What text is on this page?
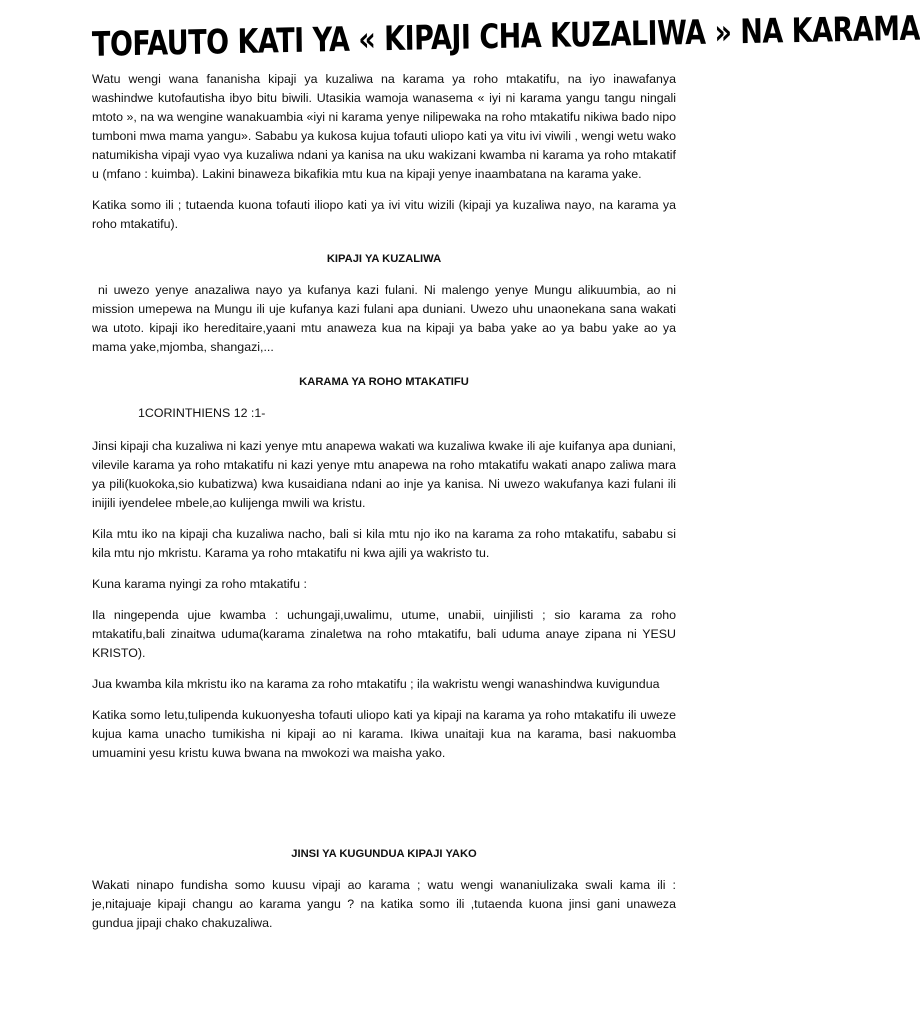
TOFAUTO KATI YA « KIPAJI CHA KUZALIWA » NA KARAMA

Watu wengi wana fananisha kipaji ya kuzaliwa na karama ya roho mtakatifu, na iyo inawafanya washindwe kutofautisha ibyo bitu biwili. Utasikia wamoja wanasema « iyi ni karama yangu tangu ningali mtoto », na wa wengine wanakuambia «iyi ni karama yenye nilipewaka na roho mtakatifu nikiwa bado nipo tumboni mwa mama yangu». Sababu ya kukosa kujua tofauti uliopo kati ya vitu ivi viwili , wengi wetu wako natumikisha vipaji vyao vya kuzaliwa ndani ya kanisa na uku wakizani kwamba ni karama ya roho mtakatif u (mfano : kuimba). Lakini binaweza bikafikia mtu kua na kipaji yenye inaambatana na karama yake.

Katika somo ili ; tutaenda kuona tofauti iliopo kati ya ivi vitu wizili (kipaji ya kuzaliwa nayo, na karama ya roho mtakatifu).

KIPAJI YA KUZALIWA

ni uwezo yenye anazaliwa nayo ya kufanya kazi fulani. Ni malengo yenye Mungu alikuumbia, ao ni mission umepewa na Mungu ili uje kufanya kazi fulani apa duniani. Uwezo uhu unaonekana sana wakati wa utoto. kipaji iko hereditaire,yaani mtu anaweza kua na kipaji ya baba yake ao ya babu yake ao ya mama yake,mjomba, shangazi,...

KARAMA YA ROHO MTAKATIFU

1CORINTHIENS 12 :1-

Jinsi kipaji cha kuzaliwa ni kazi yenye mtu anapewa wakati wa kuzaliwa kwake ili aje kuifanya apa duniani, vilevile karama ya roho mtakatifu ni kazi yenye mtu anapewa na roho mtakatifu wakati anapo zaliwa mara ya pili(kuokoka,sio kubatizwa) kwa kusaidiana ndani ao inje ya kanisa. Ni uwezo wakufanya kazi fulani ili inijili iyendelee mbele,ao kulijenga mwili wa kristu.

Kila mtu iko na kipaji cha kuzaliwa nacho, bali si kila mtu njo iko na karama za roho mtakatifu, sababu si kila mtu njo mkristu. Karama ya roho mtakatifu ni kwa ajili ya wakristo tu.

Kuna karama nyingi za roho mtakatifu :

Ila ningependa ujue kwamba : uchungaji,uwalimu, utume, unabii, uinjilisti ; sio karama za roho mtakatifu,bali zinaitwa uduma(karama zinaletwa na roho mtakatifu, bali uduma anaye zipana ni YESU KRISTO).

Jua kwamba kila mkristu iko na karama za roho mtakatifu ; ila wakristu wengi wanashindwa kuvigundua

Katika somo letu,tulipenda kukuonyesha tofauti uliopo kati ya kipaji na karama ya roho mtakatifu ili uweze kujua kama unacho tumikisha ni kipaji ao ni karama. Ikiwa unaitaji kua na karama, basi nakuomba umuamini yesu kristu kuwa bwana na mwokozi wa maisha yako.

JINSI YA KUGUNDUA KIPAJI YAKO

Wakati ninapo fundisha somo kuusu vipaji ao karama ; watu wengi wananiulizaka swali kama ili : je,nitajuaje kipaji changu ao karama yangu ? na katika somo ili ,tutaenda kuona jinsi gani unaweza gundua jipaji chako chakuzaliwa.
